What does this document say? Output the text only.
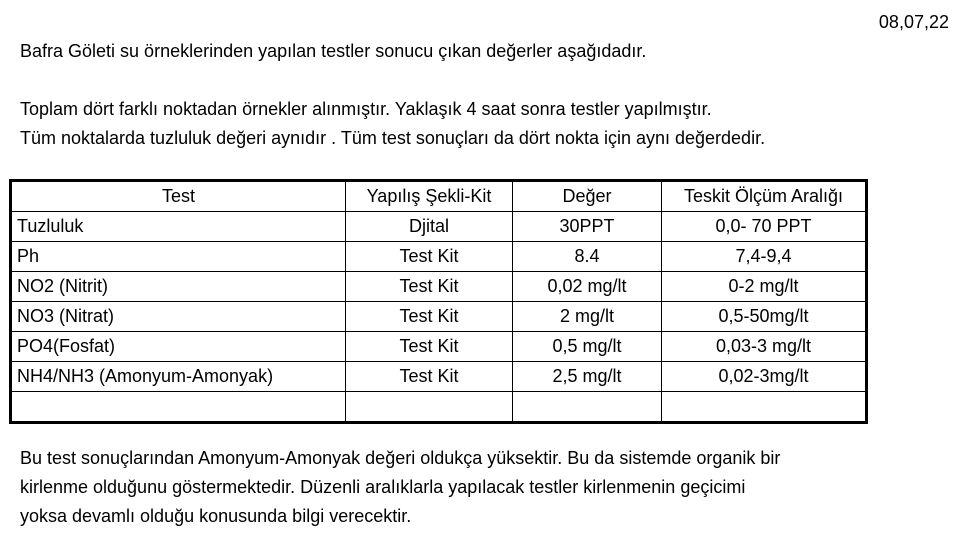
08,07,22

Bafra Göleti su örneklerinden yapılan testler sonucu çıkan değerler aşağıdadır.

Toplam dört farklı noktadan örnekler alınmıştır. Yaklaşık 4 saat sonra testler yapılmıştır.
Tüm noktalarda tuzluluk değeri aynıdır . Tüm test sonuçları da dört nokta için aynı değerdedir.

Test	Yapılış Şekli-Kit	Değer	Teskit Ölçüm Aralığı
Tuzluluk	Djital	30PPT	0,0- 70 PPT
Ph	Test Kit	8.4	7,4-9,4
NO2 (Nitrit)	Test Kit	0,02 mg/lt	0-2 mg/lt
NO3 (Nitrat)	Test Kit	2 mg/lt	0,5-50mg/lt
PO4(Fosfat)	Test Kit	0,5 mg/lt	0,03-3 mg/lt
NH4/NH3 (Amonyum-Amonyak)	Test Kit	2,5 mg/lt	0,02-3mg/lt

Bu test sonuçlarından Amonyum-Amonyak değeri oldukça yüksektir. Bu da sistemde organik bir
kirlenme olduğunu göstermektedir. Düzenli aralıklarla yapılacak testler kirlenmenin geçicimi
yoksa devamlı olduğu konusunda bilgi verecektir.
